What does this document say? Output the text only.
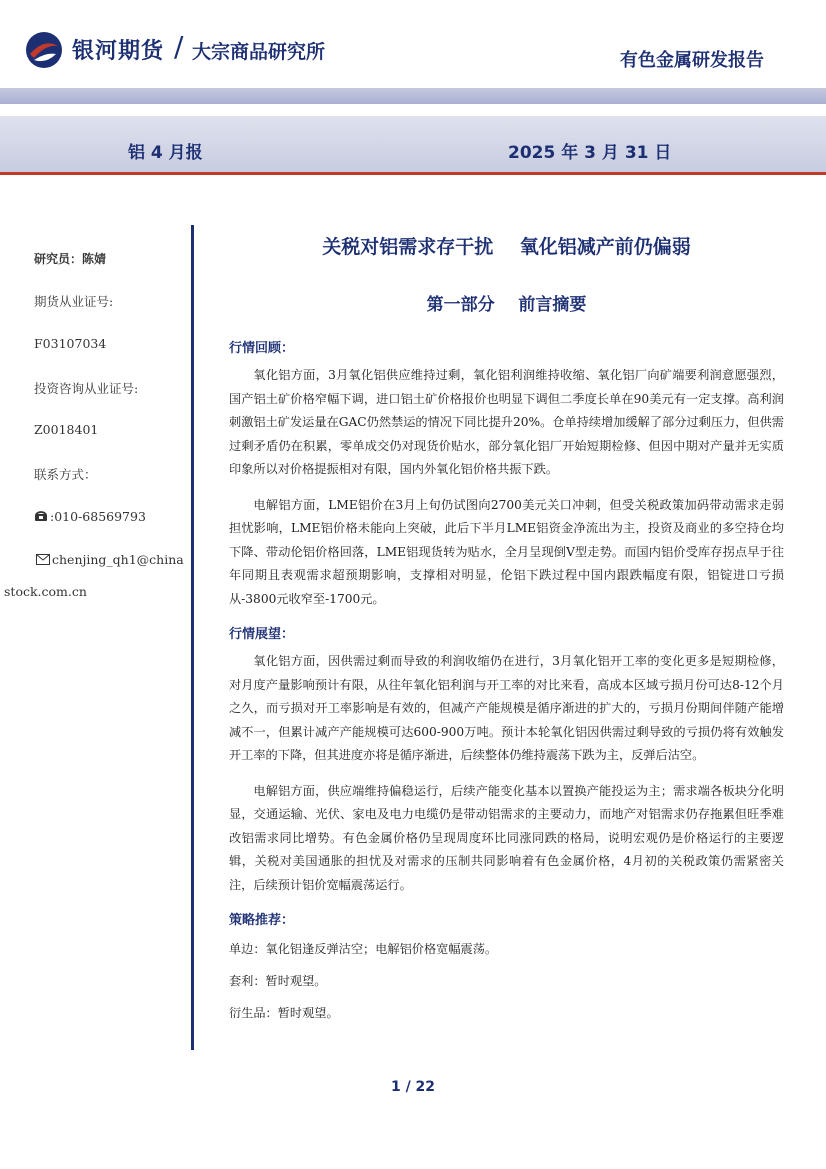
银河期货 / 大宗商品研究所	有色金属研发报告
铝 4 月报	2025 年 3 月 31 日
研究员：陈婧
期货从业证号:
F03107034
投资咨询从业证号:
Z0018401
联系方式：
:010-68569793
chenjing_qh1@china
stock.com.cn
关税对铝需求存干扰    氧化铝减产前仍偏弱
第一部分    前言摘要
行情回顾：
氧化铝方面，3月氧化铝供应维持过剩，氧化铝利润维持收缩、氧化铝厂向矿端要利润意愿强烈，国产铝土矿价格窄幅下调，进口铝土矿价格报价也明显下调但二季度长单在90美元有一定支撑。高利润刺激铝土矿发运量在GAC仍然禁运的情况下同比提升20%。仓单持续增加缓解了部分过剩压力，但供需过剩矛盾仍在积累，零单成交仍对现货价贴水，部分氧化铝厂开始短期检修、但因中期对产量并无实质印象所以对价格提振相对有限，国内外氧化铝价格共振下跌。
电解铝方面，LME铝价在3月上旬仍试图向2700美元关口冲刺，但受关税政策加码带动需求走弱担忧影响，LME铝价格未能向上突破，此后下半月LME铝资金净流出为主，投资及商业的多空持仓均下降、带动伦铝价格回落，LME铝现货转为贴水，全月呈现倒V型走势。而国内铝价受库存拐点早于往年同期且表观需求超预期影响，支撑相对明显，伦铝下跌过程中国内跟跌幅度有限，铝锭进口亏损从-3800元收窄至-1700元。
行情展望：
氧化铝方面，因供需过剩而导致的利润收缩仍在进行，3月氧化铝开工率的变化更多是短期检修，对月度产量影响预计有限，从往年氧化铝利润与开工率的对比来看，高成本区域亏损月份可达8-12个月之久，而亏损对开工率影响是有效的，但减产产能规模是循序渐进的扩大的，亏损月份期间伴随产能增减不一，但累计减产产能规模可达600-900万吨。预计本轮氧化铝因供需过剩导致的亏损仍将有效触发开工率的下降，但其进度亦将是循序渐进，后续整体仍维持震荡下跌为主，反弹后沽空。
电解铝方面，供应端维持偏稳运行，后续产能变化基本以置换产能投运为主；需求端各板块分化明显，交通运输、光伏、家电及电力电缆仍是带动铝需求的主要动力，而地产对铝需求仍存拖累但旺季难改铝需求同比增势。有色金属价格仍呈现周度环比同涨同跌的格局，说明宏观仍是价格运行的主要逻辑，关税对美国通胀的担忧及对需求的压制共同影响着有色金属价格，4月初的关税政策仍需紧密关注，后续预计铝价宽幅震荡运行。
策略推荐：
单边：氧化铝逢反弹沽空；电解铝价格宽幅震荡。
套利：暂时观望。
衍生品：暂时观望。
1 / 22
